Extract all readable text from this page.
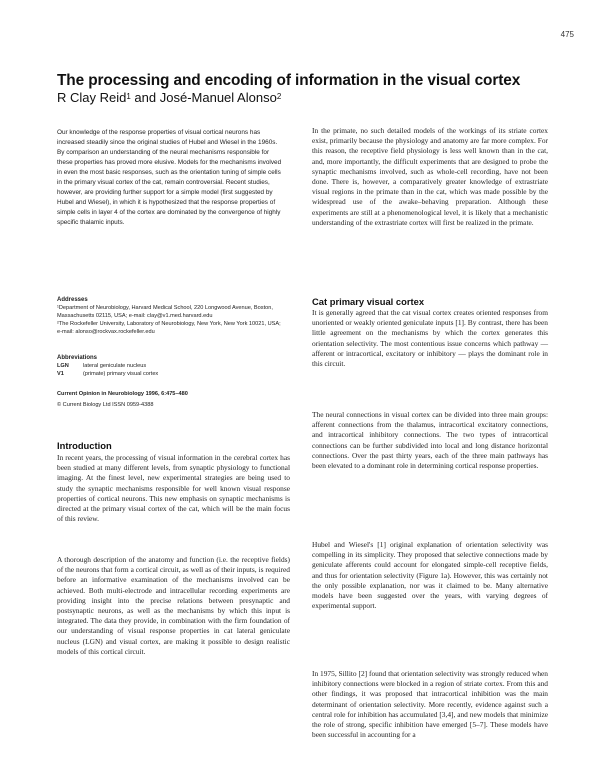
475
The processing and encoding of information in the visual cortex

R Clay Reid$^1$ and José-Manuel Alonso$^2$

Our knowledge of the response properties of visual cortical neurons has increased steadily since the original studies of Hubel and Wiesel in the 1960s. By comparison an understanding of the neural mechanisms responsible for these properties has proved more elusive. Models for the mechanisms involved in even the most basic responses, such as the orientation tuning of simple cells in the primary visual cortex of the cat, remain controversial. Recent studies, however, are providing further support for a simple model (first suggested by Hubel and Wiesel), in which it is hypothesized that the response properties of simple cells in layer 4 of the cortex are dominated by the convergence of highly specific thalamic inputs.

Addresses

¹Department of Neurobiology, Harvard Medical School, 220 Longwood Avenue, Boston, Massachusetts 02115, USA; e-mail: clay@v1.med.harvard.edu

²The Rockefeller University, Laboratory of Neurobiology, New York, New York 10021, USA; e-mail: alonso@rockvax.rockefeller.edu

Abbreviations

LGN	lateral geniculate nucleus
V1	(primate) primary visual cortex

Current Opinion in Neurobiology 1996, 6:475–480

© Current Biology Ltd ISSN 0959-4388

Introduction

In recent years, the processing of visual information in the cerebral cortex has been studied at many different levels, from synaptic physiology to functional imaging. At the finest level, new experimental strategies are being used to study the synaptic mechanisms responsible for well known visual response properties of cortical neurons. This new emphasis on synaptic mechanisms is directed at the primary visual cortex of the cat, which will be the main focus of this review.

A thorough description of the anatomy and function (i.e. the receptive fields) of the neurons that form a cortical circuit, as well as of their inputs, is required before an informative examination of the mechanisms involved can be achieved. Both multi-electrode and intracellular recording experiments are providing insight into the precise relations between presynaptic and postsynaptic neurons, as well as the mechanisms by which this input is integrated. The data they provide, in combination with the firm foundation of our understanding of visual response properties in cat lateral geniculate nucleus (LGN) and visual cortex, are making it possible to design realistic models of this cortical circuit.

In the primate, no such detailed models of the workings of its striate cortex exist, primarily because the physiology and anatomy are far more complex. For this reason, the receptive field physiology is less well known than in the cat, and, more importantly, the difficult experiments that are designed to probe the synaptic mechanisms involved, such as whole-cell recording, have not been done. There is, however, a comparatively greater knowledge of extrastriate visual regions in the primate than in the cat, which was made possible by the widespread use of the awake–behaving preparation. Although these experiments are still at a phenomenological level, it is likely that a mechanistic understanding of the extrastriate cortex will first be realized in the primate.

Cat primary visual cortex

It is generally agreed that the cat visual cortex creates oriented responses from unoriented or weakly oriented geniculate inputs [1]. By contrast, there has been little agreement on the mechanisms by which the cortex generates this orientation selectivity. The most contentious issue concerns which pathway — afferent or intracortical, excitatory or inhibitory — plays the dominant role in this circuit.

The neural connections in visual cortex can be divided into three main groups: afferent connections from the thalamus, intracortical excitatory connections, and intracortical inhibitory connections. The two types of intracortical connections can be further subdivided into local and long distance horizontal connections. Over the past thirty years, each of the three main pathways has been elevated to a dominant role in determining cortical response properties.

Hubel and Wiesel's [1] original explanation of orientation selectivity was compelling in its simplicity. They proposed that selective connections made by geniculate afferents could account for elongated simple-cell receptive fields, and thus for orientation selectivity (Figure 1a). However, this was certainly not the only possible explanation, nor was it claimed to be. Many alternative models have been suggested over the years, with varying degrees of experimental support.

In 1975, Sillito [2] found that orientation selectivity was strongly reduced when inhibitory connections were blocked in a region of striate cortex. From this and other findings, it was proposed that intracortical inhibition was the main determinant of orientation selectivity. More recently, evidence against such a central role for inhibition has accumulated [3,4], and new models that minimize the role of strong, specific inhibition have emerged [5–7]. These models have been successful in accounting for a
